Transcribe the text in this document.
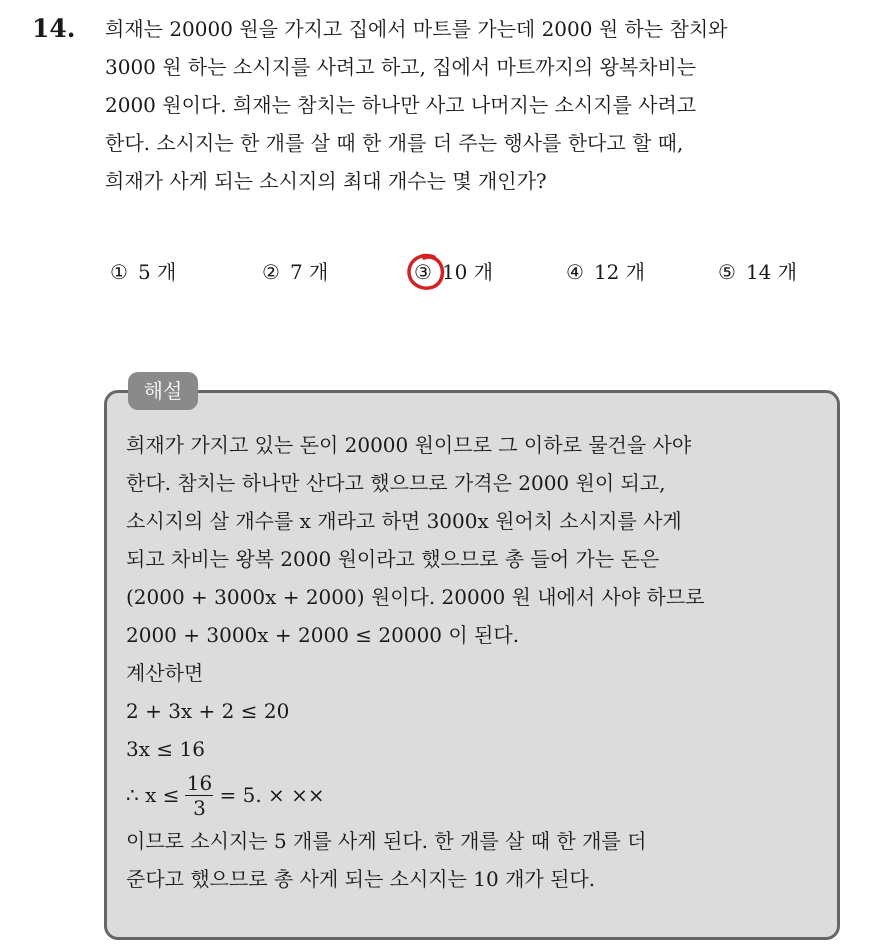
14. 희재는 20000 원을 가지고 집에서 마트를 가는데 2000 원 하는 참치와
3000 원 하는 소시지를 사려고 하고, 집에서 마트까지의 왕복차비는
2000 원이다. 희재는 참치는 하나만 사고 나머지는 소시지를 사려고
한다. 소시지는 한 개를 살 때 한 개를 더 주는 행사를 한다고 할 때,
희재가 사게 되는 소시지의 최대 개수는 몇 개인가?
① 5 개	② 7 개	③ 10 개	④ 12 개	⑤ 14 개
해설
희재가 가지고 있는 돈이 20000 원이므로 그 이하로 물건을 사야
한다. 참치는 하나만 산다고 했으므로 가격은 2000 원이 되고,
소시지의 살 개수를 x 개라고 하면 3000x 원어치 소시지를 사게
되고 차비는 왕복 2000 원이라고 했으므로 총 들어 가는 돈은
(2000 + 3000x + 2000) 원이다. 20000 원 내에서 사야 하므로
2000 + 3000x + 2000 ≤ 20000 이 된다.
계산하면
2 + 3x + 2 ≤ 20
3x ≤ 16
∴ $x \le \frac{16}{3} = 5$. × ××
이므로 소시지는 5 개를 사게 된다. 한 개를 살 때 한 개를 더
준다고 했으므로 총 사게 되는 소시지는 10 개가 된다.
